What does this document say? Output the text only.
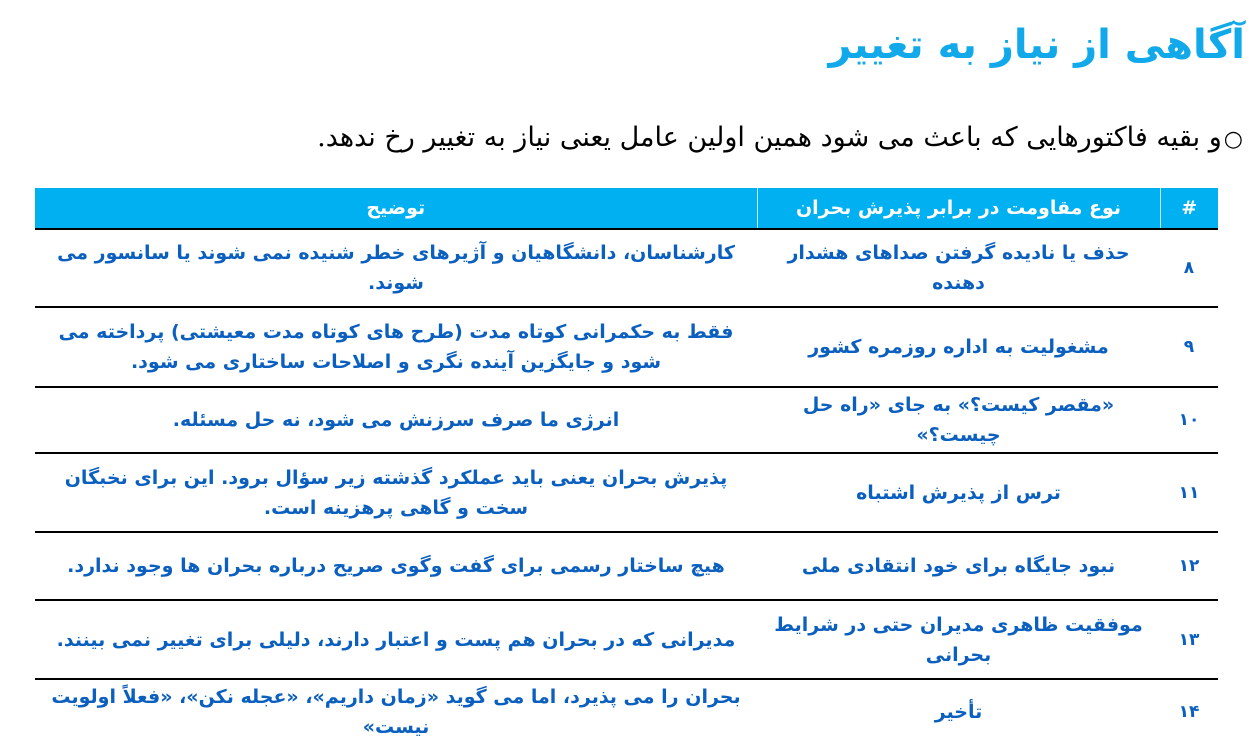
آگاهی از نیاز به تغییر
○و بقیه فاکتورهایی که باعث می شود همین اولین عامل یعنی نیاز به تغییر رخ ندهد.
#	نوع مقاومت در برابر پذیرش بحران	توضیح
۸	حذف یا نادیده گرفتن صداهای هشدار دهنده	کارشناسان، دانشگاهیان و آژیرهای خطر شنیده نمی شوند یا سانسور می شوند.
۹	مشغولیت به اداره روزمره کشور	فقط به حکمرانی کوتاه مدت (طرح های کوتاه مدت معیشتی) پرداخته می شود و جایگزین آینده نگری و اصلاحات ساختاری می شود.
۱۰	«مقصر کیست؟» به جای «راه حل چیست؟»	انرژی ما صرف سرزنش می شود، نه حل مسئله.
۱۱	ترس از پذیرش اشتباه	پذیرش بحران یعنی باید عملکرد گذشته زیر سؤال برود. این برای نخبگان سخت و گاهی پرهزینه است.
۱۲	نبود جایگاه برای خود انتقادی ملی	هیچ ساختار رسمی برای گفت وگوی صریح درباره بحران ها وجود ندارد.
۱۳	موفقیت ظاهری مدیران حتی در شرایط بحرانی	مدیرانی که در بحران هم پست و اعتبار دارند، دلیلی برای تغییر نمی بینند.
۱۴	تأخیر	بحران را می پذیرد، اما می گوید «زمان داریم»، «عجله نکن»، «فعلاً اولویت نیست»
